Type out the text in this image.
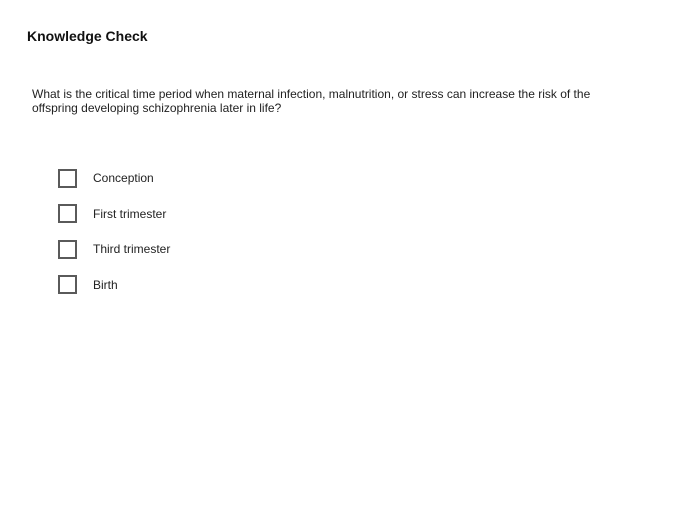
Knowledge Check
What is the critical time period when maternal infection, malnutrition, or stress can increase the risk of the offspring developing schizophrenia later in life?
Conception
First trimester
Third trimester
Birth
